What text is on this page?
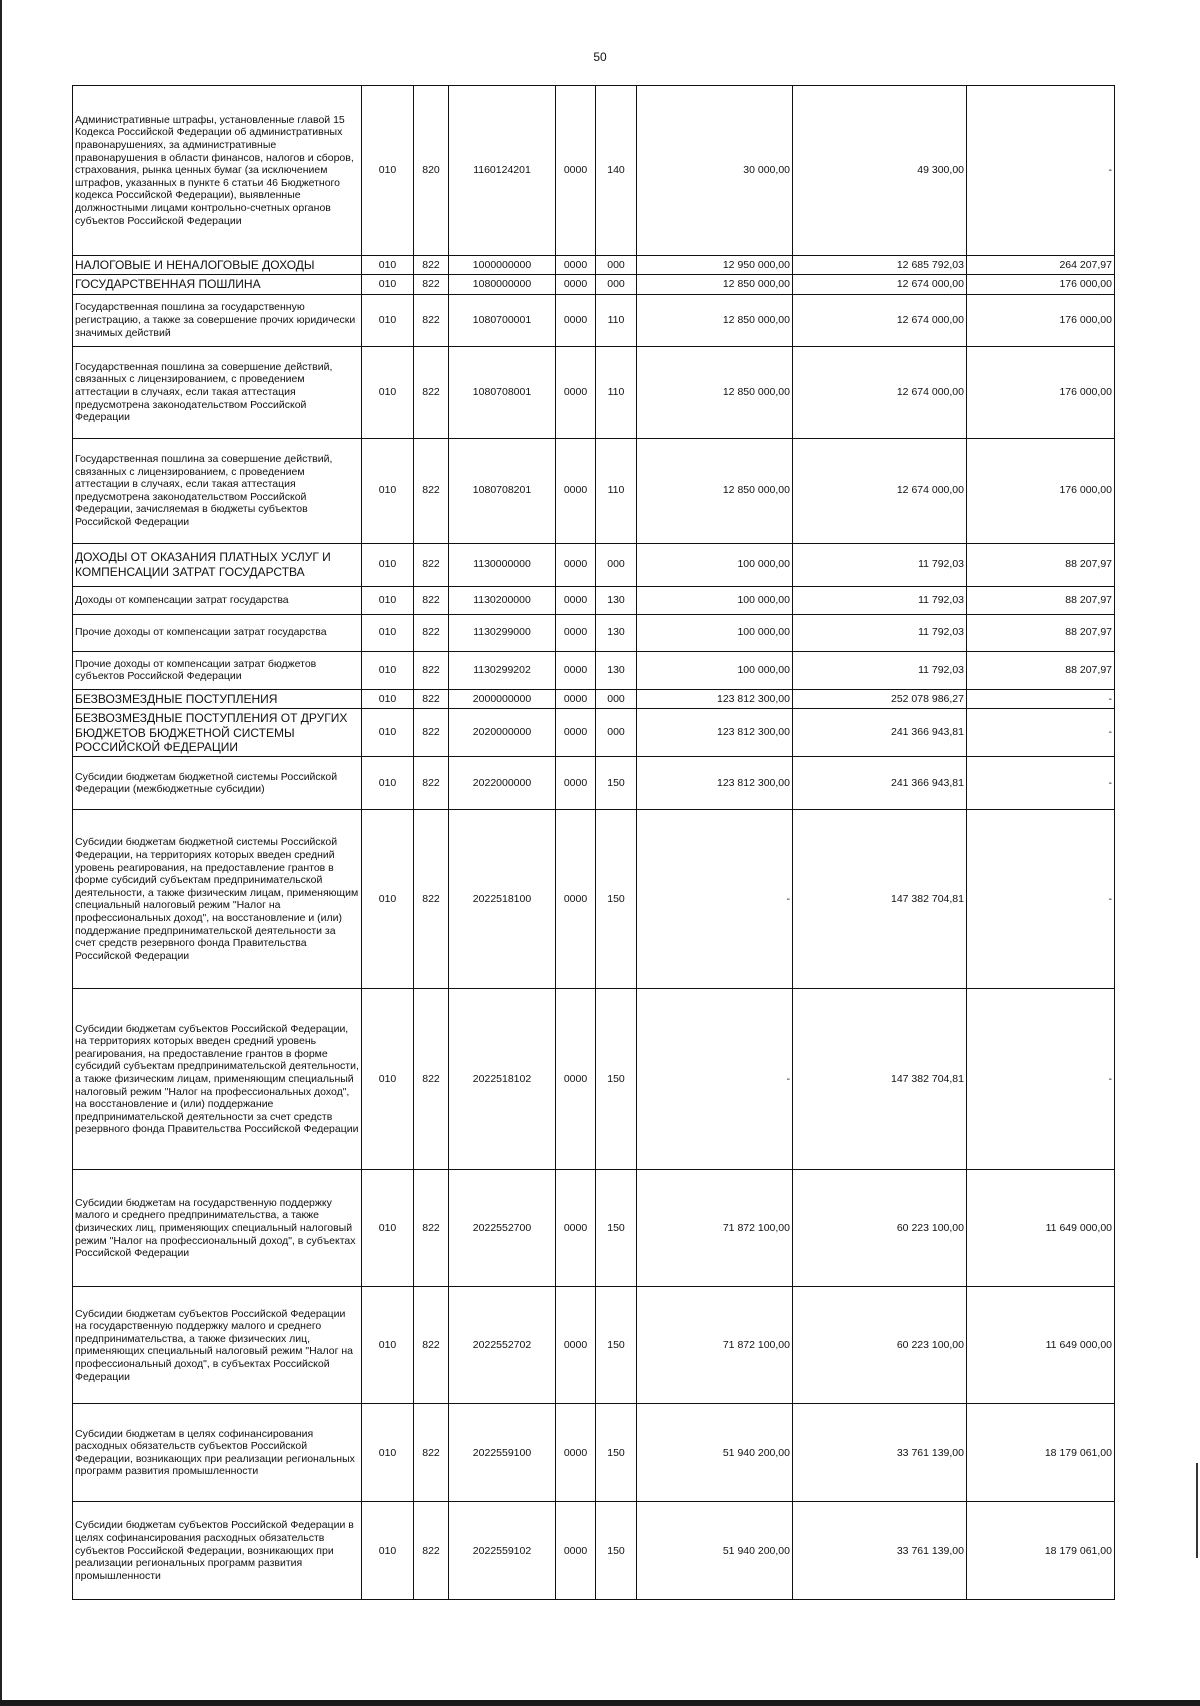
50
Административные штрафы, установленные главой 15 Кодекса Российской Федерации об административных правонарушениях, за административные правонарушения в области финансов, налогов и сборов, страхования, рынка ценных бумаг (за исключением штрафов, указанных в пункте 6 статьи 46 Бюджетного кодекса Российской Федерации), выявленные должностными лицами контрольно-счетных органов субъектов Российской Федерации	010	820	1160124201	0000	140	30 000,00	49 300,00	-
НАЛОГОВЫЕ И НЕНАЛОГОВЫЕ ДОХОДЫ	010	822	1000000000	0000	000	12 950 000,00	12 685 792,03	264 207,97
ГОСУДАРСТВЕННАЯ ПОШЛИНА	010	822	1080000000	0000	000	12 850 000,00	12 674 000,00	176 000,00
Государственная пошлина за государственную регистрацию, а также за совершение прочих юридически значимых действий	010	822	1080700001	0000	110	12 850 000,00	12 674 000,00	176 000,00
Государственная пошлина за совершение действий, связанных с лицензированием, с проведением аттестации в случаях, если такая аттестация предусмотрена законодательством Российской Федерации	010	822	1080708001	0000	110	12 850 000,00	12 674 000,00	176 000,00
Государственная пошлина за совершение действий, связанных с лицензированием, с проведением аттестации в случаях, если такая аттестация предусмотрена законодательством Российской Федерации, зачисляемая в бюджеты субъектов Российской Федерации	010	822	1080708201	0000	110	12 850 000,00	12 674 000,00	176 000,00
ДОХОДЫ ОТ ОКАЗАНИЯ ПЛАТНЫХ УСЛУГ И КОМПЕНСАЦИИ ЗАТРАТ ГОСУДАРСТВА	010	822	1130000000	0000	000	100 000,00	11 792,03	88 207,97
Доходы от компенсации затрат государства	010	822	1130200000	0000	130	100 000,00	11 792,03	88 207,97
Прочие доходы от компенсации затрат государства	010	822	1130299000	0000	130	100 000,00	11 792,03	88 207,97
Прочие доходы от компенсации затрат бюджетов субъектов Российской Федерации	010	822	1130299202	0000	130	100 000,00	11 792,03	88 207,97
БЕЗВОЗМЕЗДНЫЕ ПОСТУПЛЕНИЯ	010	822	2000000000	0000	000	123 812 300,00	252 078 986,27	-
БЕЗВОЗМЕЗДНЫЕ ПОСТУПЛЕНИЯ ОТ ДРУГИХ БЮДЖЕТОВ БЮДЖЕТНОЙ СИСТЕМЫ РОССИЙСКОЙ ФЕДЕРАЦИИ	010	822	2020000000	0000	000	123 812 300,00	241 366 943,81	-
Субсидии бюджетам бюджетной системы Российской Федерации (межбюджетные субсидии)	010	822	2022000000	0000	150	123 812 300,00	241 366 943,81	-
Субсидии бюджетам бюджетной системы Российской Федерации, на территориях которых введен средний уровень реагирования, на предоставление грантов в форме субсидий субъектам предпринимательской деятельности, а также физическим лицам, применяющим специальный налоговый режим "Налог на профессиональных доход", на восстановление и (или) поддержание предпринимательской деятельности за счет средств резервного фонда Правительства Российской Федерации	010	822	2022518100	0000	150	-	147 382 704,81	-
Субсидии бюджетам субъектов Российской Федерации, на территориях которых введен средний уровень реагирования, на предоставление грантов в форме субсидий субъектам предпринимательской деятельности, а также физическим лицам, применяющим специальный налоговый режим "Налог на профессиональных доход", на восстановление и (или) поддержание предпринимательской деятельности за счет средств резервного фонда Правительства Российской Федерации	010	822	2022518102	0000	150	-	147 382 704,81	-
Субсидии бюджетам на государственную поддержку малого и среднего предпринимательства, а также физических лиц, применяющих специальный налоговый режим "Налог на профессиональный доход", в субъектах Российской Федерации	010	822	2022552700	0000	150	71 872 100,00	60 223 100,00	11 649 000,00
Субсидии бюджетам субъектов Российской Федерации на государственную поддержку малого и среднего предпринимательства, а также физических лиц, применяющих специальный налоговый режим "Налог на профессиональный доход", в субъектах Российской Федерации	010	822	2022552702	0000	150	71 872 100,00	60 223 100,00	11 649 000,00
Субсидии бюджетам в целях софинансирования расходных обязательств субъектов Российской Федерации, возникающих при реализации региональных программ развития промышленности	010	822	2022559100	0000	150	51 940 200,00	33 761 139,00	18 179 061,00
Субсидии бюджетам субъектов Российской Федерации в целях софинансирования расходных обязательств субъектов Российской Федерации, возникающих при реализации региональных программ развития промышленности	010	822	2022559102	0000	150	51 940 200,00	33 761 139,00	18 179 061,00
